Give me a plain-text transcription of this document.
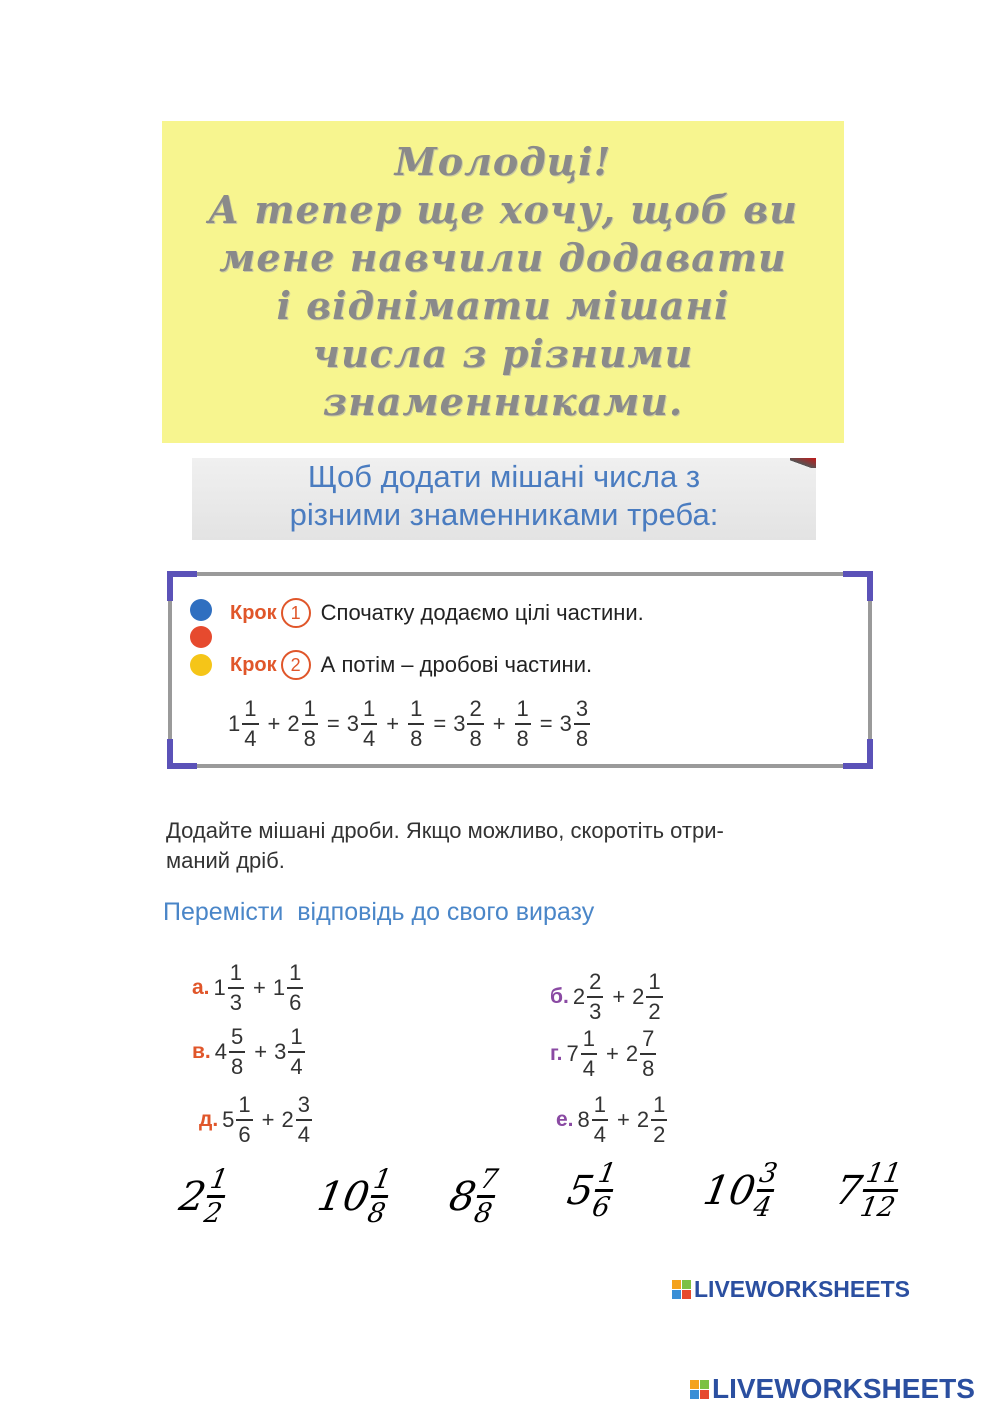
Молодці!
А тепер ще хочу, щоб ви
мене навчили додавати
і віднімати мішані
числа з різними
знаменниками.
Щоб додати мішані числа з
різними знаменниками треба:
Крок 1 Спочатку додаємо цілі частини.
Крок 2 А потім – дробові частини.
$1 \frac{1}{4} + 2 \frac{1}{8} = 3 \frac{1}{4} + \frac{1}{8} = 3 \frac{2}{8} + \frac{1}{8} = 3 \frac{3}{8}$
Додайте мішані дроби. Якщо можливо, скоротіть отри-
маний дріб.
Перемісти  відповідь до свого виразу
а. $1 \frac{1}{3} + 1 \frac{1}{6}$	б. $2 \frac{2}{3} + 2 \frac{1}{2}$
в. $4 \frac{5}{8} + 3 \frac{1}{4}$	г. $7 \frac{1}{4} + 2 \frac{7}{8}$
д. $5 \frac{1}{6} + 2 \frac{3}{4}$	е. $8 \frac{1}{4} + 2 \frac{1}{2}$
2
$\frac{1}{2} 10$
$\frac{1}{8} 8$
$\frac{7}{8} 5$
$\frac{1}{6} 10$
$\frac{3}{4} 7$
$\frac{11}{12}$
LIVEWORKSHEETS
LIVEWORKSHEETS
